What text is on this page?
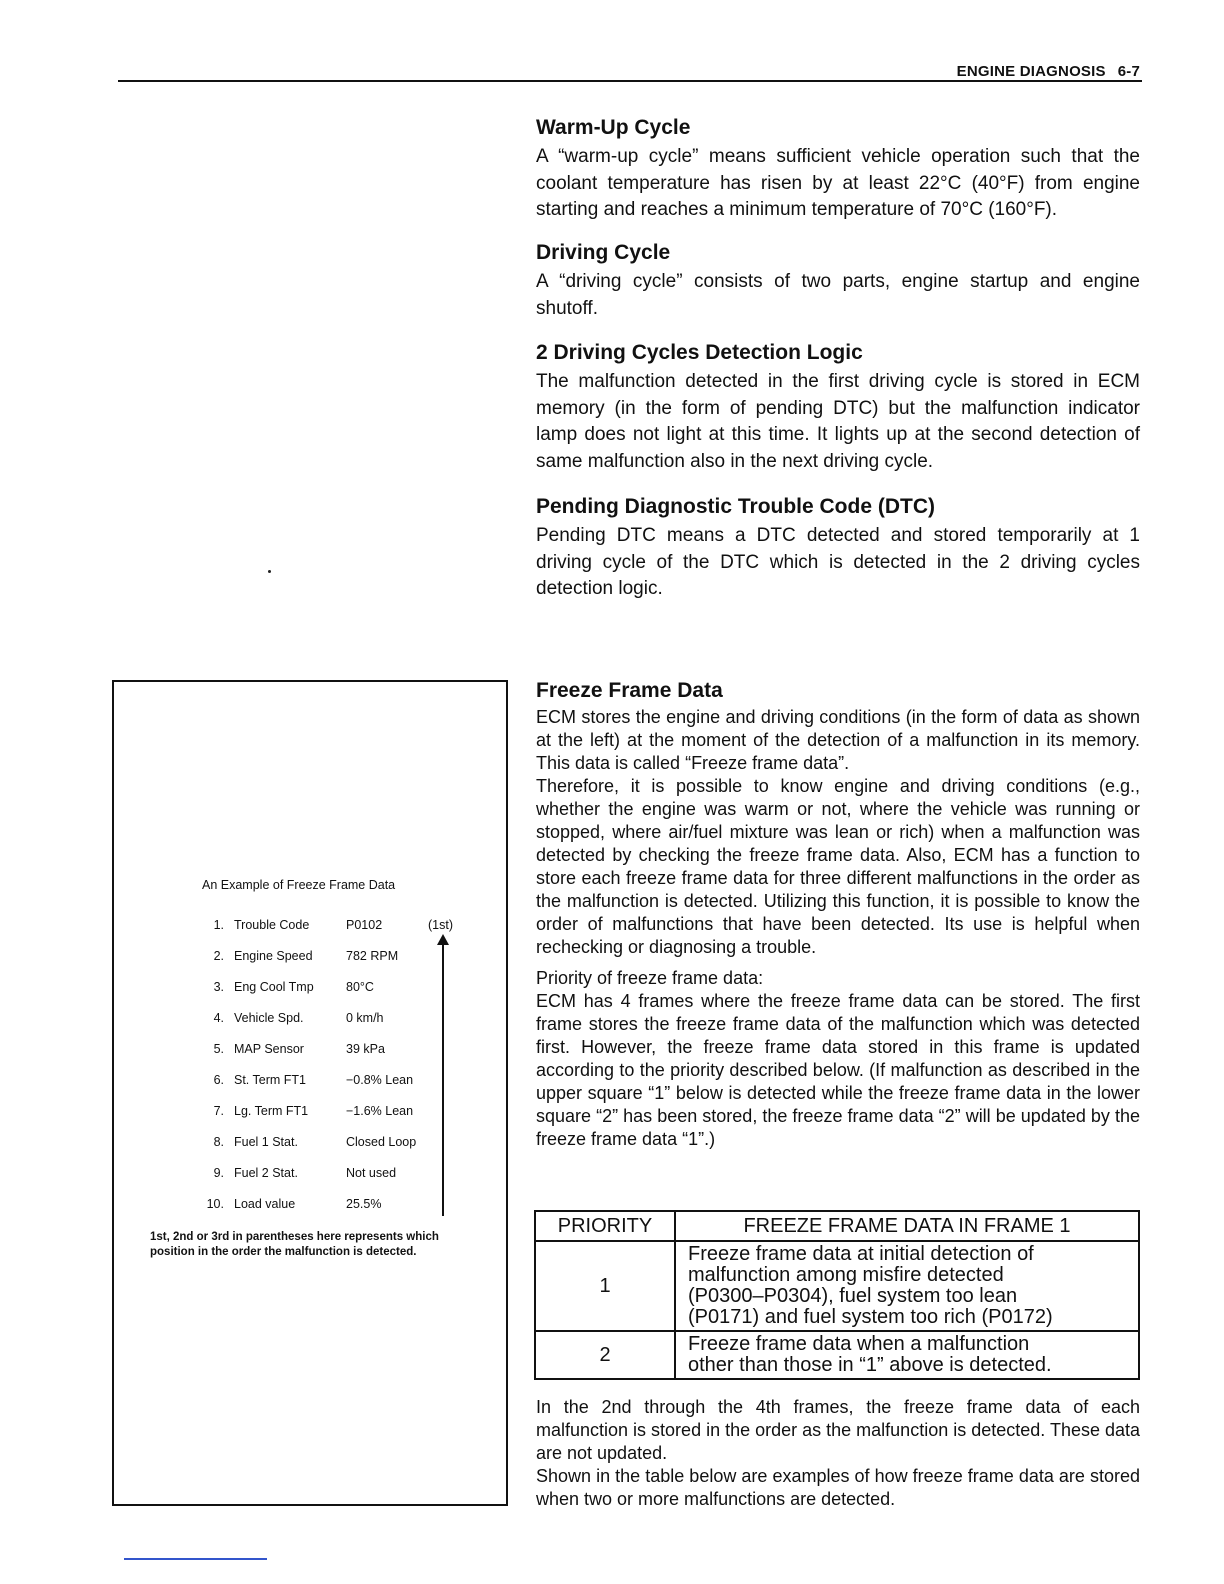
ENGINE DIAGNOSIS 6-7
Warm-Up Cycle

A “warm-up cycle” means sufficient vehicle operation such that the coolant temperature has risen by at least 22°C (40°F) from engine starting and reaches a minimum temperature of 70°C (160°F).

Driving Cycle

A “driving cycle” consists of two parts, engine startup and engine shutoff.

2 Driving Cycles Detection Logic

The malfunction detected in the first driving cycle is stored in ECM memory (in the form of pending DTC) but the malfunction indicator lamp does not light at this time. It lights up at the second detection of same malfunction also in the next driving cycle.

Pending Diagnostic Trouble Code (DTC)

Pending DTC means a DTC detected and stored temporarily at 1 driving cycle of the DTC which is detected in the 2 driving cycles detection logic.

Freeze Frame Data

ECM stores the engine and driving conditions (in the form of data as shown at the left) at the moment of the detection of a malfunction in its memory. This data is called “Freeze frame data”.

Therefore, it is possible to know engine and driving conditions (e.g., whether the engine was warm or not, where the vehicle was running or stopped, where air/fuel mixture was lean or rich) when a malfunction was detected by checking the freeze frame data. Also, ECM has a function to store each freeze frame data for three different malfunctions in the order as the malfunction is detected. Utilizing this function, it is possible to know the order of malfunctions that have been detected. Its use is helpful when rechecking or diagnosing a trouble.

Priority of freeze frame data:

ECM has 4 frames where the freeze frame data can be stored. The first frame stores the freeze frame data of the malfunction which was detected first. However, the freeze frame data stored in this frame is updated according to the priority described below. (If malfunction as described in the upper square “1” below is detected while the freeze frame data in the lower square “2” has been stored, the freeze frame data “2” will be updated by the freeze frame data “1”.)

PRIORITY	FREEZE FRAME DATA IN FRAME 1
1	Freeze frame data at initial detection of
malfunction among misfire detected
(P0300–P0304), fuel system too lean
(P0171) and fuel system too rich (P0172)

2	Freeze frame data when a malfunction
other than those in “1” above is detected.

In the 2nd through the 4th frames, the freeze frame data of each malfunction is stored in the order as the malfunction is detected. These data are not updated.

Shown in the table below are examples of how freeze frame data are stored when two or more malfunctions are detected.

An Example of Freeze Frame Data
(1st)
1. Trouble Code	P0102
2. Engine Speed	782 RPM
3. Eng Cool Tmp	80°C
4. Vehicle Spd.	0 km/h
5. MAP Sensor	39 kPa
6. St. Term FT1	−0.8% Lean
7. Lg. Term FT1	−1.6% Lean
8. Fuel 1 Stat.	Closed Loop
9. Fuel 2 Stat.	Not used
10. Load value	25.5%
1st, 2nd or 3rd in parentheses here represents which position in the order the malfunction is detected.
